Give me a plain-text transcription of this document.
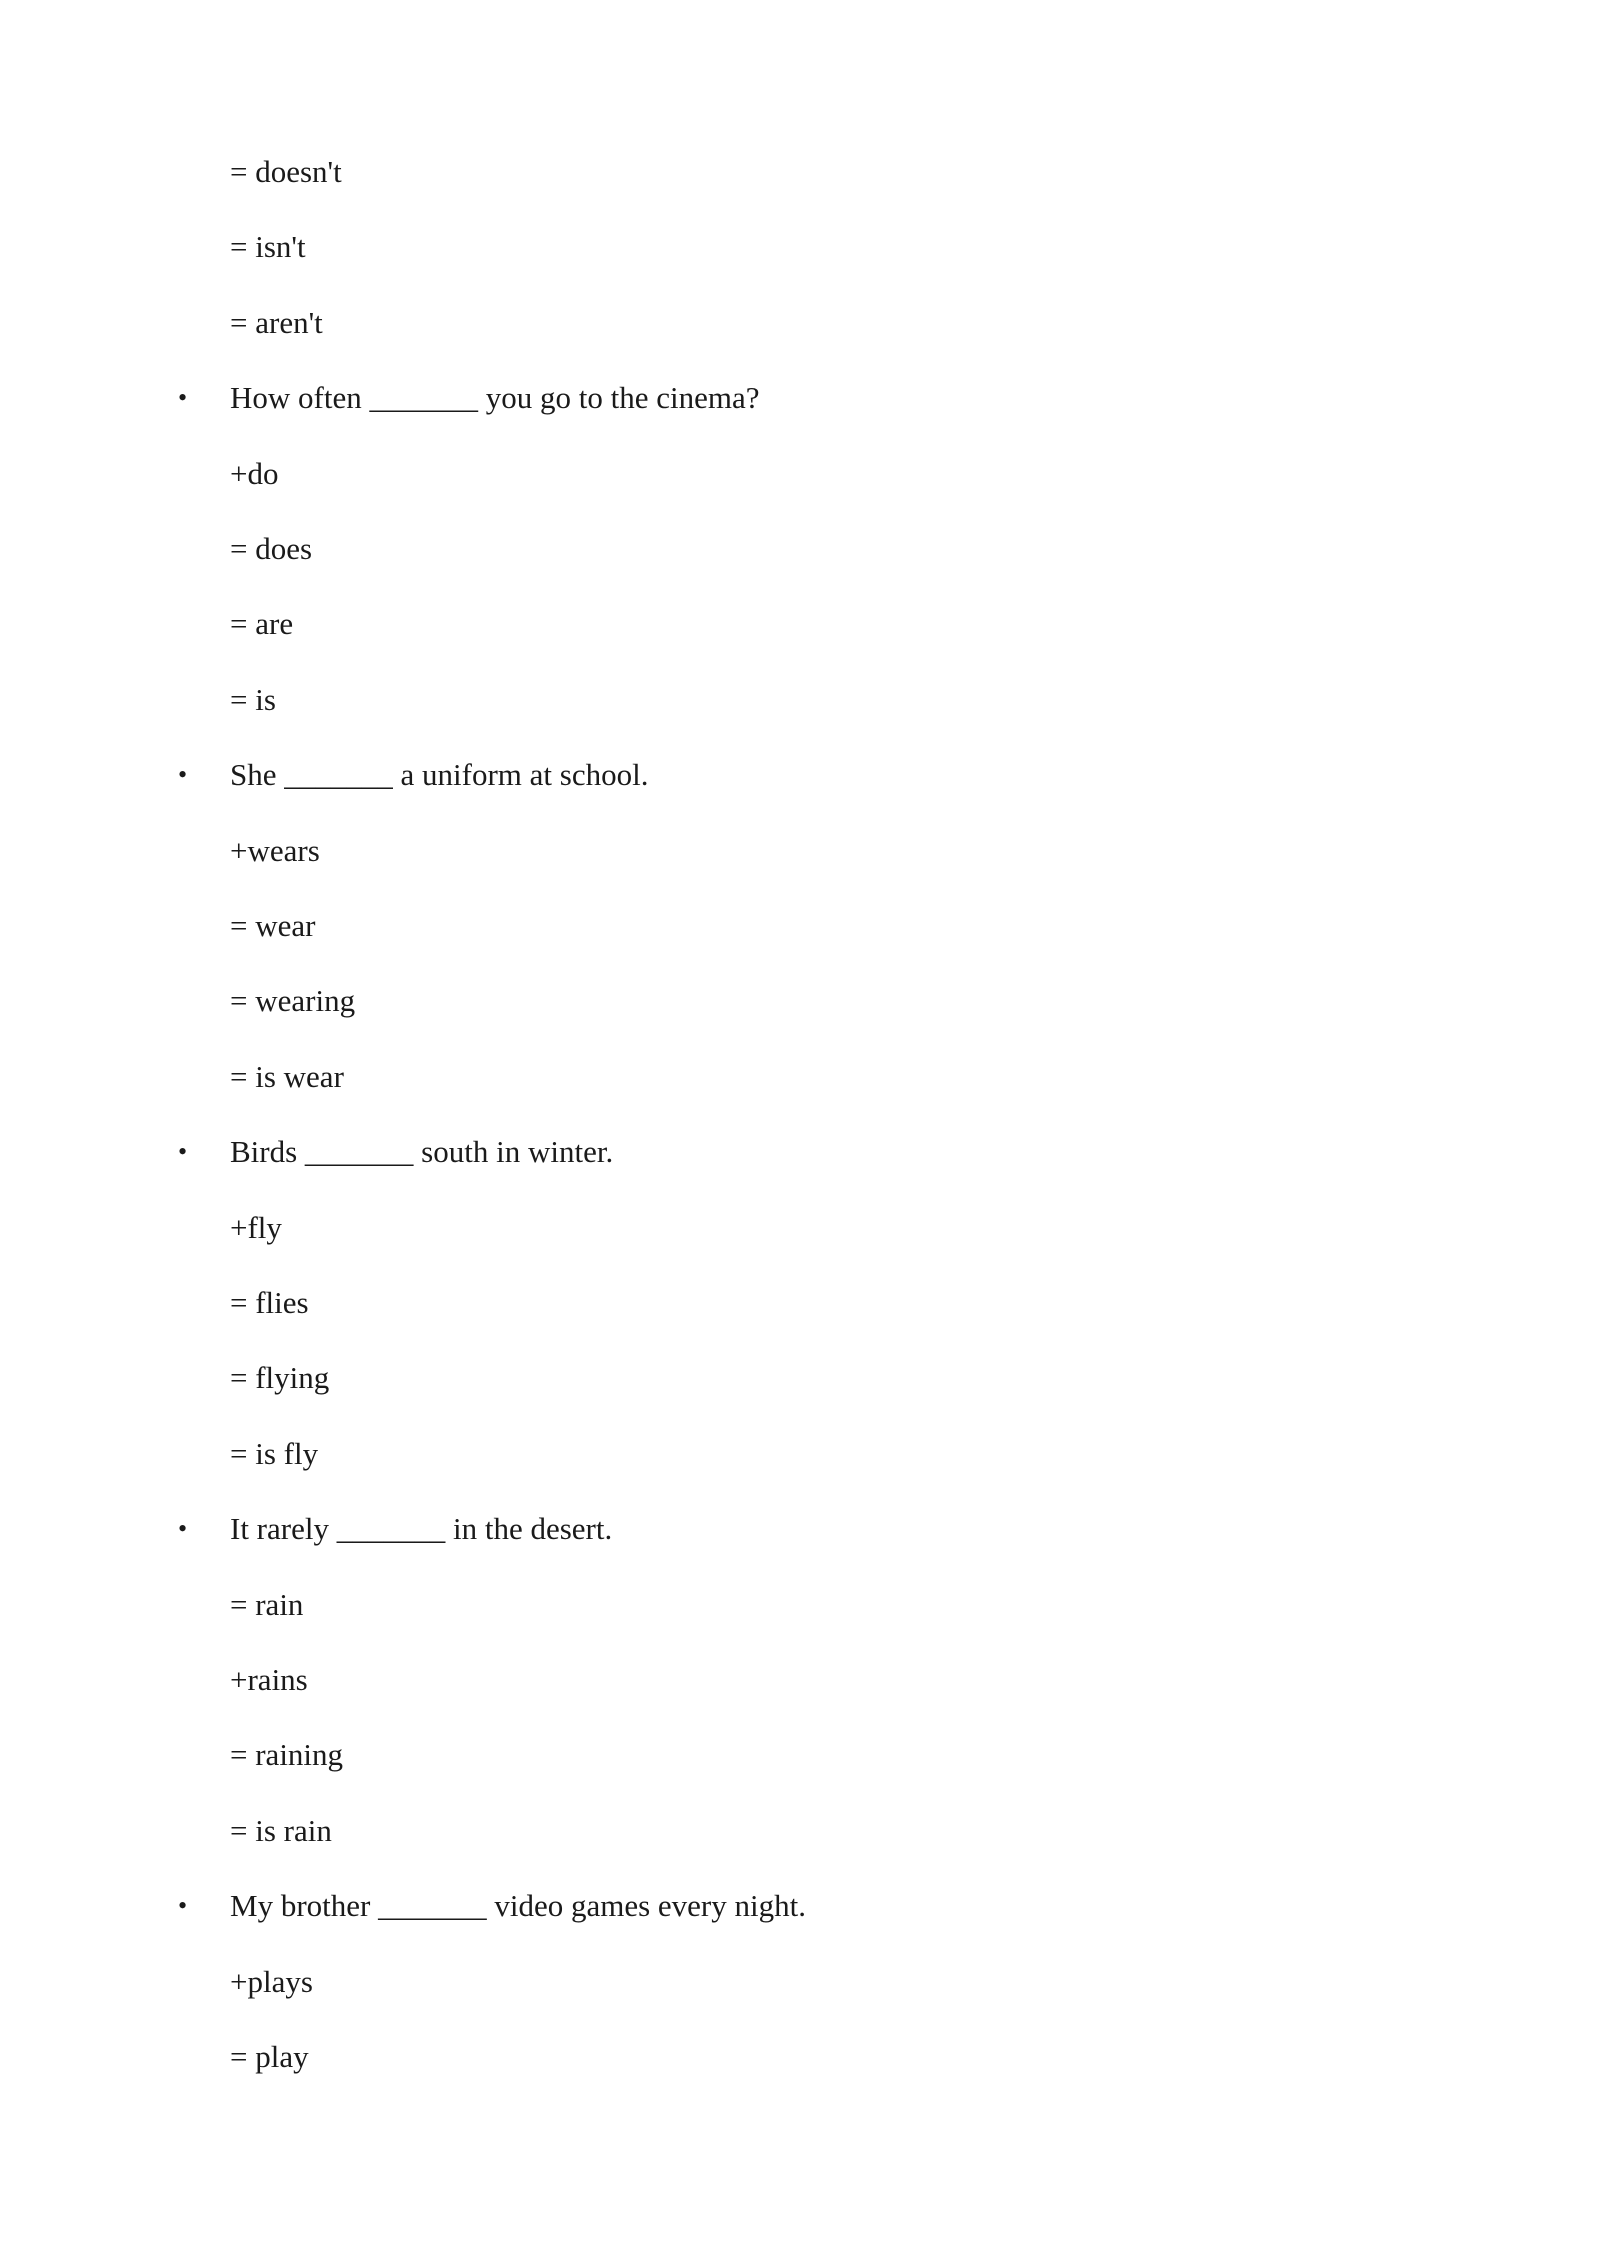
= doesn't
= isn't
= aren't
• How often _______ you go to the cinema?
+do
= does
= are
= is
• She _______ a uniform at school.
+wears
= wear
= wearing
= is wear
• Birds _______ south in winter.
+fly
= flies
= flying
= is fly
• It rarely _______ in the desert.
= rain
+rains
= raining
= is rain
• My brother _______ video games every night.
+plays
= play
